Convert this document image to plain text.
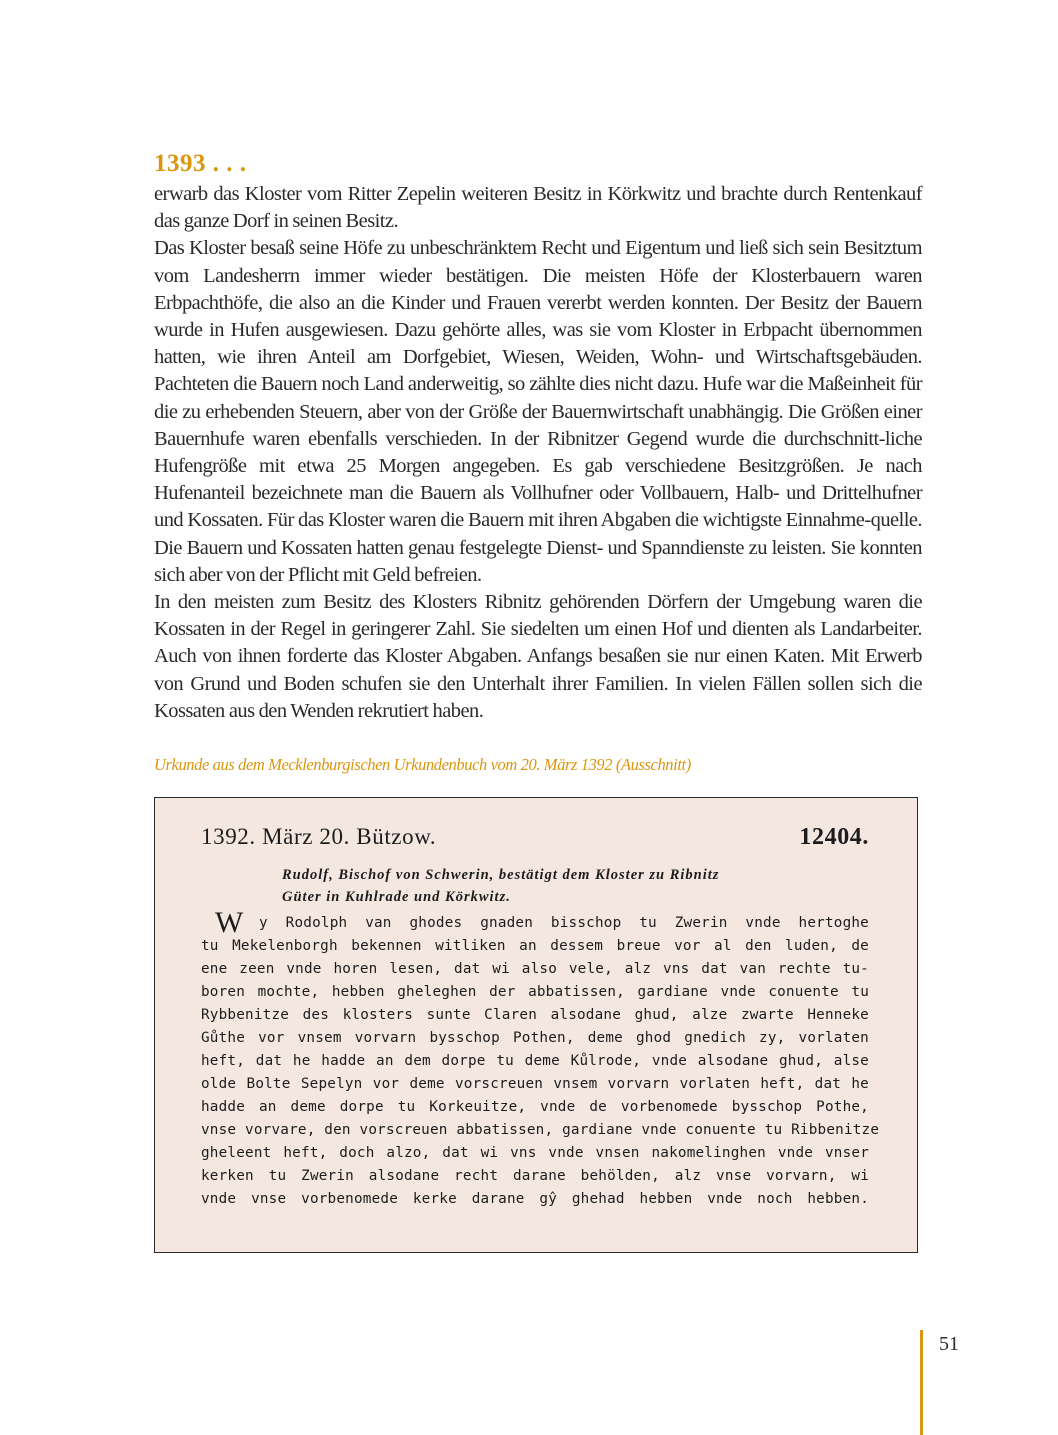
1393 . . .

erwarb das Kloster vom Ritter Zepelin weiteren Besitz in Körkwitz und brachte durch Rentenkauf das ganze Dorf in seinen Besitz.

Das Kloster besaß seine Höfe zu unbeschränktem Recht und Eigentum und ließ sich sein Besitztum vom Landesherrn immer wieder bestätigen. Die meisten Höfe der Klosterbauern waren Erbpachthöfe, die also an die Kinder und Frauen vererbt werden konnten. Der Besitz der Bauern wurde in Hufen ausgewiesen. Dazu gehörte alles, was sie vom Kloster in Erbpacht übernommen hatten, wie ihren Anteil am Dorfgebiet, Wiesen, Weiden, Wohn- und Wirtschaftsgebäuden. Pachteten die Bauern noch Land anderweitig, so zählte dies nicht dazu. Hufe war die Maßeinheit für die zu erhebenden Steuern, aber von der Größe der Bauernwirtschaft unabhängig. Die Größen einer Bauernhufe waren ebenfalls verschieden. In der Ribnitzer Gegend wurde die durchschnitt-liche Hufengröße mit etwa 25 Morgen angegeben. Es gab verschiedene Besitzgrößen. Je nach Hufenanteil bezeichnete man die Bauern als Vollhufner oder Vollbauern, Halb- und Drittelhufner und Kossaten. Für das Kloster waren die Bauern mit ihren Abgaben die wichtigste Einnahme-quelle. Die Bauern und Kossaten hatten genau festgelegte Dienst- und Spanndienste zu leisten. Sie konnten sich aber von der Pflicht mit Geld befreien.

In den meisten zum Besitz des Klosters Ribnitz gehörenden Dörfern der Umgebung waren die Kossaten in der Regel in geringerer Zahl. Sie siedelten um einen Hof und dienten als Landarbeiter. Auch von ihnen forderte das Kloster Abgaben. Anfangs besaßen sie nur einen Katen. Mit Erwerb von Grund und Boden schufen sie den Unterhalt ihrer Familien. In vielen Fällen sollen sich die Kossaten aus den Wenden rekrutiert haben.

Urkunde aus dem Mecklenburgischen Urkundenbuch vom 20. März 1392 (Ausschnitt)
1392. März 20. Bützow.	12404.
Rudolf, Bischof von Schwerin, bestätigt dem Kloster zu Ribnitz
Güter in Kuhlrade und Körkwitz.
W	y Rodolph van ghodes gnaden bisschop tu Zwerin vnde hertoghe
tu Mekelenborgh bekennen witliken an dessem breue vor al den luden, de
ene zeen vnde horen lesen, dat wi also vele, alz vns dat van rechte tu-
boren mochte, hebben gheleghen der abbatissen, gardiane vnde conuente tu
Rybbenitze des klosters sunte Claren alsodane ghud, alze zwarte Henneke
Gůthe vor vnsem vorvarn bysschop Pothen, deme ghod gnedich zy, vorlaten
heft, dat he hadde an dem dorpe tu deme Kůlrode, vnde alsodane ghud, alse
olde Bolte Sepelyn vor deme vorscreuen vnsem vorvarn vorlaten heft, dat he
hadde an deme dorpe tu Korkeuitze, vnde de vorbenomede bysschop Pothe,
vnse vorvare, den vorscreuen abbatissen, gardiane vnde conuente tu Ribbenitze
gheleent heft, doch alzo, dat wi vns vnde vnsen nakomelinghen vnde vnser
kerken tu Zwerin alsodane recht darane behölden, alz vnse vorvarn, wi
vnde vnse vorbenomede kerke darane gŷ ghehad hebben vnde noch hebben.
51
